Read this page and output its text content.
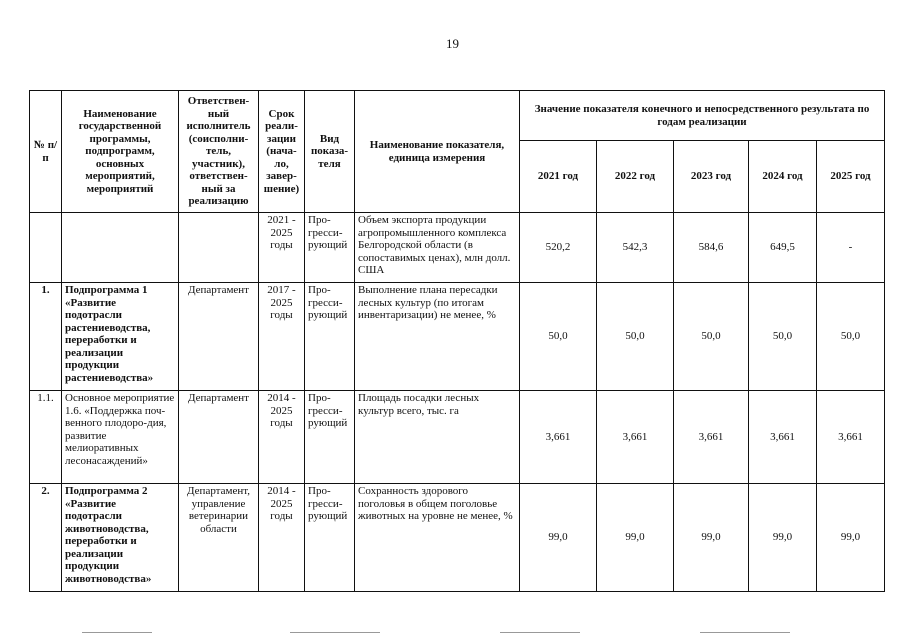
19
№ п/п	Наименование государственной программы, подпрограмм, основных мероприятий, мероприятий	Ответствен-ный исполнитель (соисполни-тель, участник), ответствен-ный за реализацию	Срок реали-зации (нача-ло, завер-шение)	Вид показа-теля	Наименование показателя, единица измерения	Значение показателя конечного и непосредственного результата по годам реализации				
						2021 год	2022 год	2023 год	2024 год	2025 год
			2021 - 2025 годы	Про-гресси-рующий	Объем экспорта продукции агропромышленного комплекса Белгородской области (в сопоставимых ценах), млн долл. США	520,2	542,3	584,6	649,5	-
1.	Подпрограмма 1 «Развитие подотрасли растениеводства, переработки и реализации продукции растениеводства»	Департамент	2017 - 2025 годы	Про-гресси-рующий	Выполнение плана пересадки лесных культур (по итогам инвентаризации) не менее, %	50,0	50,0	50,0	50,0	50,0
1.1.	Основное мероприятие 1.6. «Поддержка поч-венного плодоро-дия, развитие мелиоративных лесонасаждений»	Департамент	2014 - 2025 годы	Про-гресси-рующий	Площадь посадки лесных культур всего, тыс. га	3,661	3,661	3,661	3,661	3,661
2.	Подпрограмма 2 «Развитие подотрасли животноводства, переработки и реализации продукции животноводства»	Департамент, управление ветеринарии области	2014 - 2025 годы	Про-гресси-рующий	Сохранность здорового поголовья в общем поголовье животных на уровне не менее, %	99,0	99,0	99,0	99,0	99,0
